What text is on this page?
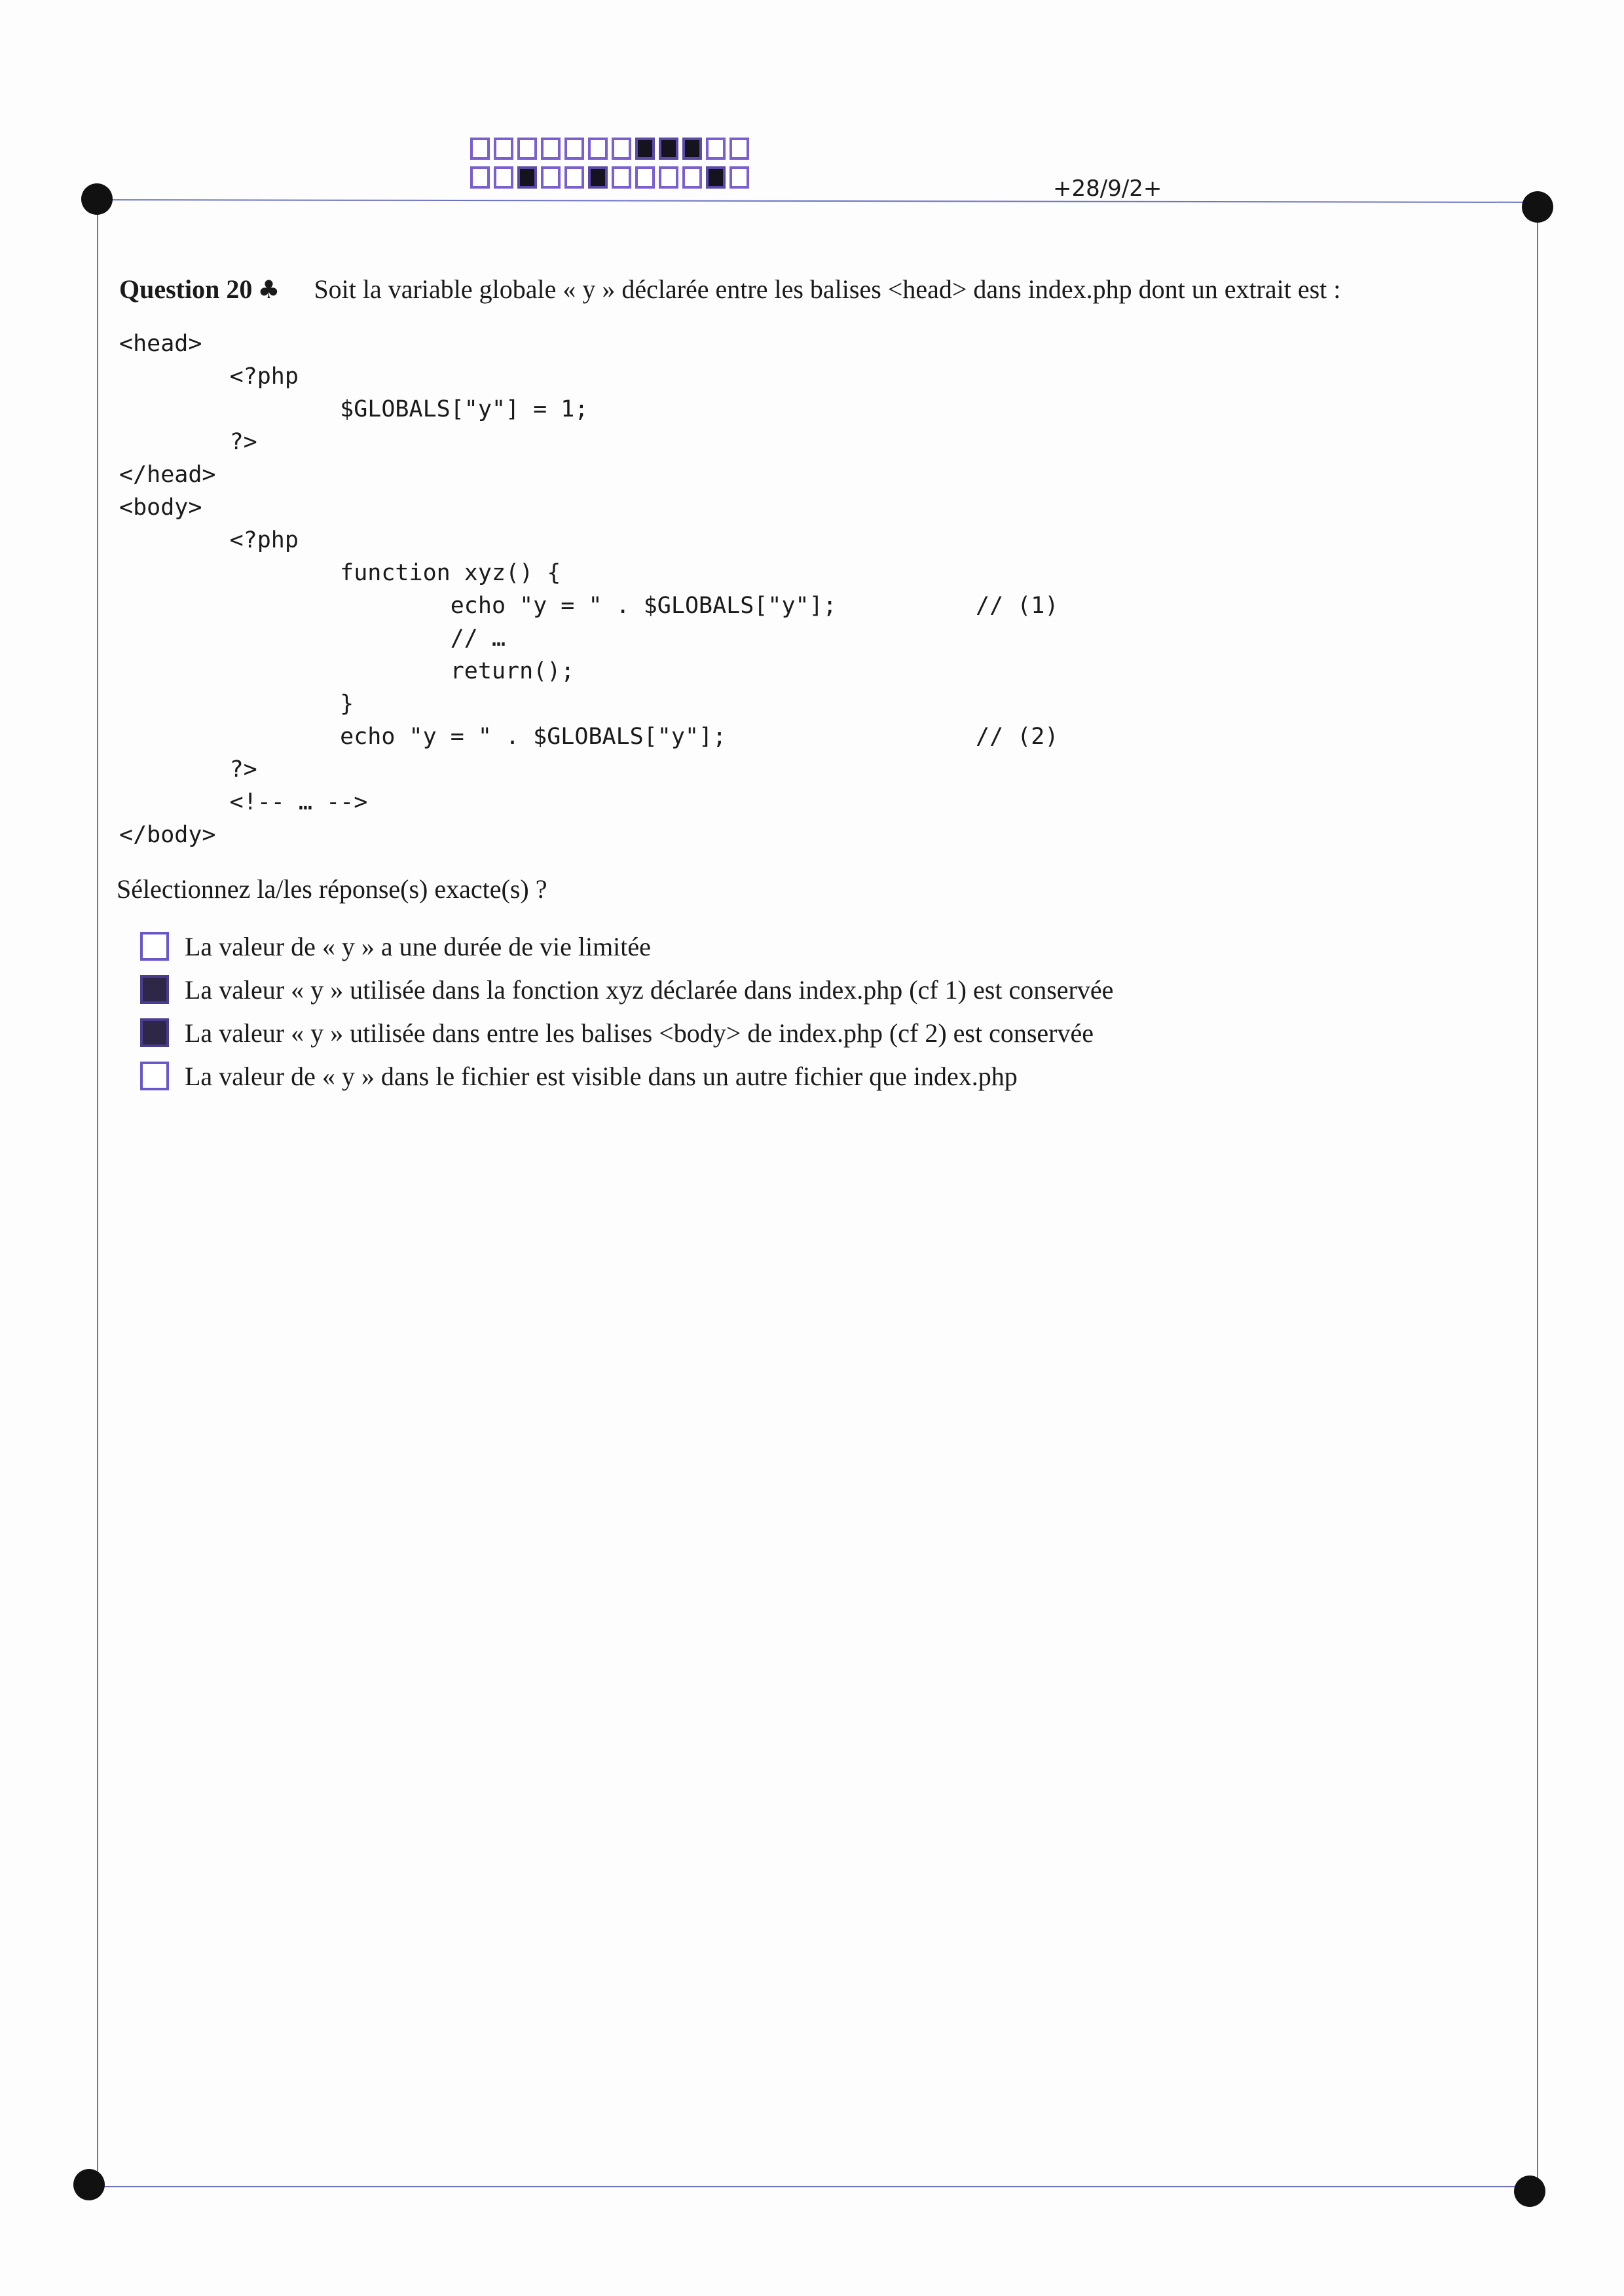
+28/9/2+
Question 20 ♣ Soit la variable globale « y » déclarée entre les balises <head> dans index.php dont un extrait est :
<head>
<?php
$GLOBALS["y"] = 1;
?>
</head>
<body>
<?php
function xyz() {
echo "y = " . $GLOBALS["y"];
// …
return();
}
echo "y = " . $GLOBALS["y"];
?>
<!-- … -->
</body>
// (1)
// (2)
Sélectionnez la/les réponse(s) exacte(s) ?
La valeur de « y » a une durée de vie limitée
La valeur « y » utilisée dans la fonction xyz déclarée dans index.php (cf 1) est conservée
La valeur « y » utilisée dans entre les balises <body> de index.php (cf 2) est conservée
La valeur de « y » dans le fichier est visible dans un autre fichier que index.php
